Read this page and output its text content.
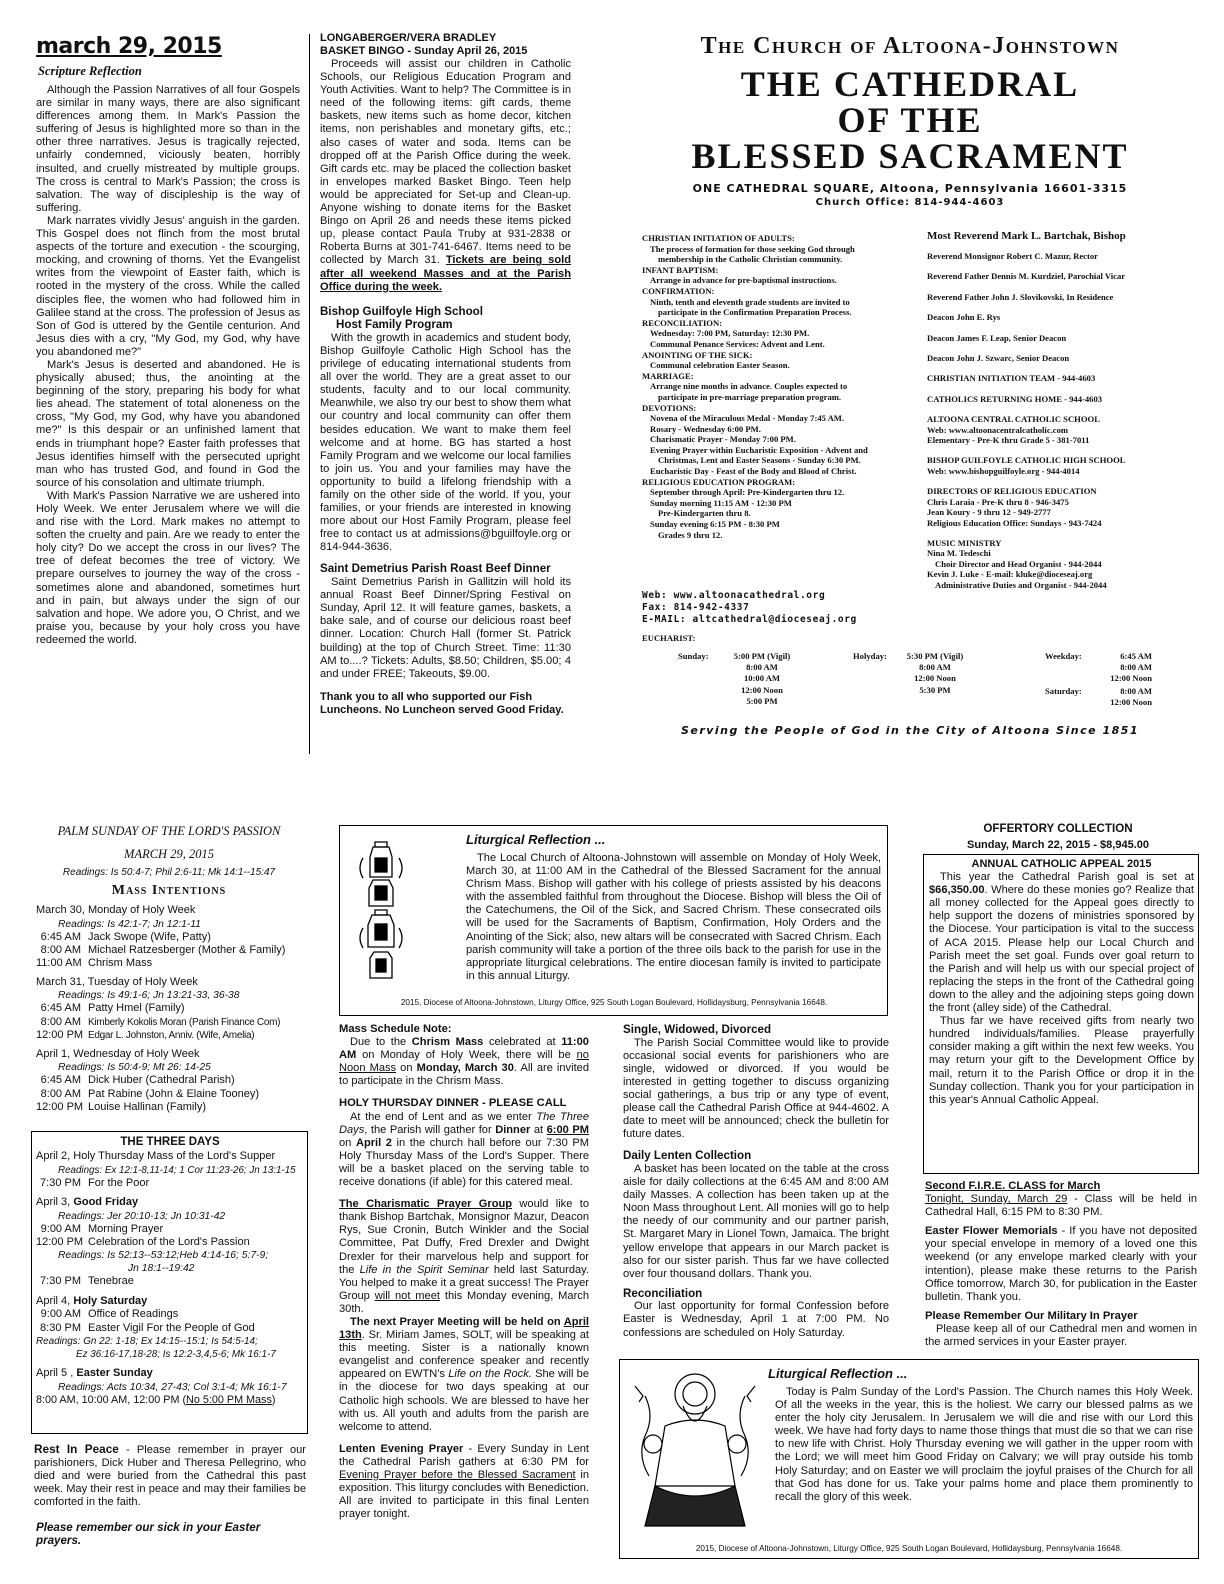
march 29, 2015
Scripture Reflection

Although the Passion Narratives of all four Gospels are similar in many ways, there are also significant differences among them. In Mark's Passion the suffering of Jesus is highlighted more so than in the other three narratives. Jesus is tragically rejected, unfairly condemned, viciously beaten, horribly insulted, and cruelly mistreated by multiple groups. The cross is central to Mark's Passion; the cross is salvation. The way of discipleship is the way of suffering.

Mark narrates vividly Jesus' anguish in the garden. This Gospel does not flinch from the most brutal aspects of the torture and execution - the scourging, mocking, and crowning of thorns. Yet the Evangelist writes from the viewpoint of Easter faith, which is rooted in the mystery of the cross. While the called disciples flee, the women who had followed him in Galilee stand at the cross. The profession of Jesus as Son of God is uttered by the Gentile centurion. And Jesus dies with a cry, "My God, my God, why have you abandoned me?"

Mark's Jesus is deserted and abandoned. He is physically abused; thus, the anointing at the beginning of the story, preparing his body for what lies ahead. The statement of total aloneness on the cross, "My God, my God, why have you abandoned me?" Is this despair or an unfinished lament that ends in triumphant hope? Easter faith professes that Jesus identifies himself with the persecuted upright man who has trusted God, and found in God the source of his consolation and ultimate triumph.

With Mark's Passion Narrative we are ushered into Holy Week. We enter Jerusalem where we will die and rise with the Lord. Mark makes no attempt to soften the cruelty and pain. Are we ready to enter the holy city? Do we accept the cross in our lives? The tree of defeat becomes the tree of victory. We prepare ourselves to journey the way of the cross - sometimes alone and abandoned, sometimes hurt and in pain, but always under the sign of our salvation and hope. We adore you, O Christ, and we praise you, because by your holy cross you have redeemed the world.

LONGABERGER/VERA BRADLEY
BASKET BINGO - Sunday April 26, 2015

Proceeds will assist our children in Catholic Schools, our Religious Education Program and Youth Activities. Want to help? The Committee is in need of the following items: gift cards, theme baskets, new items such as home decor, kitchen items, non perishables and monetary gifts, etc.; also cases of water and soda. Items can be dropped off at the Parish Office during the week. Gift cards etc. may be placed the collection basket in envelopes marked Basket Bingo. Teen help would be appreciated for Set-up and Clean-up. Anyone wishing to donate items for the Basket Bingo on April 26 and needs these items picked up, please contact Paula Truby at 931-2838 or Roberta Burns at 301-741-6467. Items need to be collected by March 31. Tickets are being sold after all weekend Masses and at the Parish Office during the week.

Bishop Guilfoyle High School
Host Family Program

With the growth in academics and student body, Bishop Guilfoyle Catholic High School has the privilege of educating international students from all over the world. They are a great asset to our students, faculty and to our local community. Meanwhile, we also try our best to show them what our country and local community can offer them besides education. We want to make them feel welcome and at home. BG has started a host Family Program and we welcome our local families to join us. You and your families may have the opportunity to build a lifelong friendship with a family on the other side of the world. If you, your families, or your friends are interested in knowing more about our Host Family Program, please feel free to contact us at admissions@bguilfoyle.org or 814-944-3636.

Saint Demetrius Parish Roast Beef Dinner

Saint Demetrius Parish in Gallitzin will hold its annual Roast Beef Dinner/Spring Festival on Sunday, April 12. It will feature games, baskets, a bake sale, and of course our delicious roast beef dinner. Location: Church Hall (former St. Patrick building) at the top of Church Street. Time: 11:30 AM to....? Tickets: Adults, $8.50; Children, $5.00; 4 and under FREE; Takeouts, $9.00.

Thank you to all who supported our Fish Luncheons. No Luncheon served Good Friday.
The Church of Altoona-Johnstown
THE CATHEDRAL
OF THE
BLESSED SACRAMENT
ONE CATHEDRAL SQUARE, Altoona, Pennsylvania 16601-3315
Church Office: 814-944-4603
CHRISTIAN INITIATION OF ADULTS:
The process of formation for those seeking God through
membership in the Catholic Christian community.
INFANT BAPTISM:
Arrange in advance for pre-baptismal instructions.
CONFIRMATION:
Ninth, tenth and eleventh grade students are invited to
participate in the Confirmation Preparation Process.
RECONCILIATION:
Wednesday: 7:00 PM, Saturday: 12:30 PM.
Communal Penance Services: Advent and Lent.
ANOINTING OF THE SICK:
Communal celebration Easter Season.
MARRIAGE:
Arrange nine months in advance. Couples expected to
participate in pre-marriage preparation program.
DEVOTIONS:
Novena of the Miraculous Medal - Monday 7:45 AM.
Rosary - Wednesday 6:00 PM.
Charismatic Prayer - Monday 7:00 PM.
Evening Prayer within Eucharistic Exposition - Advent and
Christmas, Lent and Easter Seasons - Sunday 6:30 PM.
Eucharistic Day - Feast of the Body and Blood of Christ.
RELIGIOUS EDUCATION PROGRAM:
September through April: Pre-Kindergarten thru 12.
Sunday morning 11:15 AM - 12:30 PM
Pre-Kindergarten thru 8.
Sunday evening 6:15 PM - 8:30 PM
Grades 9 thru 12.
Web: www.altoonacathedral.org
Fax: 814-942-4337
E-MAIL: altcathedral@dioceseaj.org
Most Reverend Mark L. Bartchak, Bishop
Reverend Monsignor Robert C. Mazur, Rector
Reverend Father Dennis M. Kurdziel, Parochial Vicar
Reverend Father John J. Slovikovski, In Residence
Deacon John E. Rys
Deacon James F. Leap, Senior Deacon
Deacon John J. Szwarc, Senior Deacon
CHRISTIAN INITIATION TEAM - 944-4603
CATHOLICS RETURNING HOME - 944-4603
ALTOONA CENTRAL CATHOLIC SCHOOL
Web: www.altoonacentralcatholic.com
Elementary - Pre-K thru Grade 5 - 381-7011
BISHOP GUILFOYLE CATHOLIC HIGH SCHOOL
Web: www.bishopguilfoyle.org - 944-4014
DIRECTORS OF RELIGIOUS EDUCATION
Chris Laraia - Pre-K thru 8 - 946-3475
Jean Koury - 9 thru 12 - 949-2777
Religious Education Office: Sundays - 943-7424
MUSIC MINISTRY
Nina M. Tedeschi
Choir Director and Head Organist - 944-2044
Kevin J. Luke - E-mail: kluke@dioceseaj.org
Administrative Duties and Organist - 944-2044
EUCHARIST:
Sunday:	5:00 PM (Vigil)
8:00 AM
10:00 AM
12:00 Noon
5:00 PM
Holyday:	5:30 PM (Vigil)
8:00 AM
12:00 Noon
5:30 PM
Weekday:	6:45 AM
8:00 AM
12:00 Noon
Saturday:	8:00 AM
12:00 Noon
Serving the People of God in the City of Altoona Since 1851
PALM SUNDAY OF THE LORD'S PASSION
MARCH 29, 2015
Readings: Is 50:4-7; Phil 2:6-11; Mk 14:1--15:47
Mass Intentions
March 30, Monday of Holy Week
Readings: Is 42:1-7; Jn 12:1-11
6:45 AM Jack Swope (Wife, Patty)
8:00 AM Michael Ratzesberger (Mother & Family)
11:00 AM Chrism Mass
March 31, Tuesday of Holy Week
Readings: Is 49:1-6; Jn 13:21-33, 36-38
6:45 AM Patty Hmel (Family)
8:00 AM Kimberly Kokolis Moran (Parish Finance Com)
12:00 PM Edgar L. Johnston, Anniv. (Wife, Amelia)
April 1, Wednesday of Holy Week
Readings: Is 50:4-9; Mt 26: 14-25
6:45 AM Dick Huber (Cathedral Parish)
8:00 AM Pat Rabine (John & Elaine Tooney)
12:00 PM Louise Hallinan (Family)
THE THREE DAYS
April 2, Holy Thursday Mass of the Lord's Supper
Readings: Ex 12:1-8,11-14; 1 Cor 11:23-26; Jn 13:1-15
7:30 PM For the Poor
April 3, Good Friday
Readings: Jer 20:10-13; Jn 10:31-42
9:00 AM Morning Prayer
12:00 PM Celebration of the Lord's Passion
Readings: Is 52:13--53:12;Heb 4:14-16; 5:7-9;
Jn 18:1--19:42
7:30 PM Tenebrae
April 4, Holy Saturday
9:00 AM Office of Readings
8:30 PM Easter Vigil For the People of God
Readings: Gn 22: 1-18; Ex 14:15--15:1; Is 54:5-14;
Ez 36:16-17,18-28; Is 12:2-3,4,5-6; Mk 16:1-7
April 5 , Easter Sunday
Readings: Acts 10:34, 27-43; Col 3:1-4; Mk 16:1-7
8:00 AM, 10:00 AM, 12:00 PM (No 5:00 PM Mass)

Rest In Peace - Please remember in prayer our parishioners, Dick Huber and Theresa Pellegrino, who died and were buried from the Cathedral this past week. May their rest in peace and may their families be comforted in the faith.

Please remember our sick in your Easter prayers.
Liturgical Reflection ...

The Local Church of Altoona-Johnstown will assemble on Monday of Holy Week, March 30, at 11:00 AM in the Cathedral of the Blessed Sacrament for the annual Chrism Mass. Bishop will gather with his college of priests assisted by his deacons with the assembled faithful from throughout the Diocese. Bishop will bless the Oil of the Catechumens, the Oil of the Sick, and Sacred Chrism. These consecrated oils will be used for the Sacraments of Baptism, Confirmation, Holy Orders and the Anointing of the Sick; also, new altars will be consecrated with Sacred Chrism. Each parish community will take a portion of the three oils back to the parish for use in the appropriate liturgical celebrations. The entire diocesan family is invited to participate in this annual Liturgy.

2015, Diocese of Altoona-Johnstown, Liturgy Office, 925 South Logan Boulevard, Hollidaysburg, Pennsylvania 16648.
Mass Schedule Note:

Due to the Chrism Mass celebrated at 11:00 AM on Monday of Holy Week, there will be no Noon Mass on Monday, March 30. All are invited to participate in the Chrism Mass.

HOLY THURSDAY DINNER - PLEASE CALL

At the end of Lent and as we enter The Three Days, the Parish will gather for Dinner at 6:00 PM on April 2 in the church hall before our 7:30 PM Holy Thursday Mass of the Lord's Supper. There will be a basket placed on the serving table to receive donations (if able) for this catered meal.

The Charismatic Prayer Group would like to thank Bishop Bartchak, Monsignor Mazur, Deacon Rys, Sue Cronin, Butch Winkler and the Social Committee, Pat Duffy, Fred Drexler and Dwight Drexler for their marvelous help and support for the Life in the Spirit Seminar held last Saturday. You helped to make it a great success! The Prayer Group will not meet this Monday evening, March 30th.

The next Prayer Meeting will be held on April 13th. Sr. Miriam James, SOLT, will be speaking at this meeting. Sister is a nationally known evangelist and conference speaker and recently appeared on EWTN's Life on the Rock. She will be in the diocese for two days speaking at our Catholic high schools. We are blessed to have her with us. All youth and adults from the parish are welcome to attend.

Lenten Evening Prayer - Every Sunday in Lent the Cathedral Parish gathers at 6:30 PM for Evening Prayer before the Blessed Sacrament in exposition. This liturgy concludes with Benediction. All are invited to participate in this final Lenten prayer tonight.

Single, Widowed, Divorced

The Parish Social Committee would like to provide occasional social events for parishioners who are single, widowed or divorced. If you would be interested in getting together to discuss organizing social gatherings, a bus trip or any type of event, please call the Cathedral Parish Office at 944-4602. A date to meet will be announced; check the bulletin for future dates.

Daily Lenten Collection

A basket has been located on the table at the cross aisle for daily collections at the 6:45 AM and 8:00 AM daily Masses. A collection has been taken up at the Noon Mass throughout Lent. All monies will go to help the needy of our community and our partner parish, St. Margaret Mary in Lionel Town, Jamaica. The bright yellow envelope that appears in our March packet is also for our sister parish. Thus far we have collected over four thousand dollars. Thank you.

Reconciliation

Our last opportunity for formal Confession before Easter is Wednesday, April 1 at 7:00 PM. No confessions are scheduled on Holy Saturday.

OFFERTORY COLLECTION
Sunday, March 22, 2015 - $8,945.00
ANNUAL CATHOLIC APPEAL 2015

This year the Cathedral Parish goal is set at $66,350.00. Where do these monies go? Realize that all money collected for the Appeal goes directly to help support the dozens of ministries sponsored by the Diocese. Your participation is vital to the success of ACA 2015. Please help our Local Church and Parish meet the set goal. Funds over goal return to the Parish and will help us with our special project of replacing the steps in the front of the Cathedral going down to the alley and the adjoining steps going down the front (alley side) of the Cathedral.

Thus far we have received gifts from nearly two hundred individuals/families. Please prayerfully consider making a gift within the next few weeks. You may return your gift to the Development Office by mail, return it to the Parish Office or drop it in the Sunday collection. Thank you for your participation in this year's Annual Catholic Appeal.

Second F.I.R.E. CLASS for March

Tonight, Sunday, March 29 - Class will be held in Cathedral Hall, 6:15 PM to 8:30 PM.

Easter Flower Memorials - If you have not deposited your special envelope in memory of a loved one this weekend (or any envelope marked clearly with your intention), please make these returns to the Parish Office tomorrow, March 30, for publication in the Easter bulletin. Thank you.

Please Remember Our Military In Prayer

Please keep all of our Cathedral men and women in the armed services in your Easter prayer.

Liturgical Reflection ...

Today is Palm Sunday of the Lord's Passion. The Church names this Holy Week. Of all the weeks in the year, this is the holiest. We carry our blessed palms as we enter the holy city Jerusalem. In Jerusalem we will die and rise with our Lord this week. We have had forty days to name those things that must die so that we can rise to new life with Christ. Holy Thursday evening we will gather in the upper room with the Lord; we will meet him Good Friday on Calvary; we will pray outside his tomb Holy Saturday; and on Easter we will proclaim the joyful praises of the Church for all that God has done for us. Take your palms home and place them prominently to recall the glory of this week.

2015, Diocese of Altoona-Johnstown, Liturgy Office, 925 South Logan Boulevard, Hollidaysburg, Pennsylvania 16648.
